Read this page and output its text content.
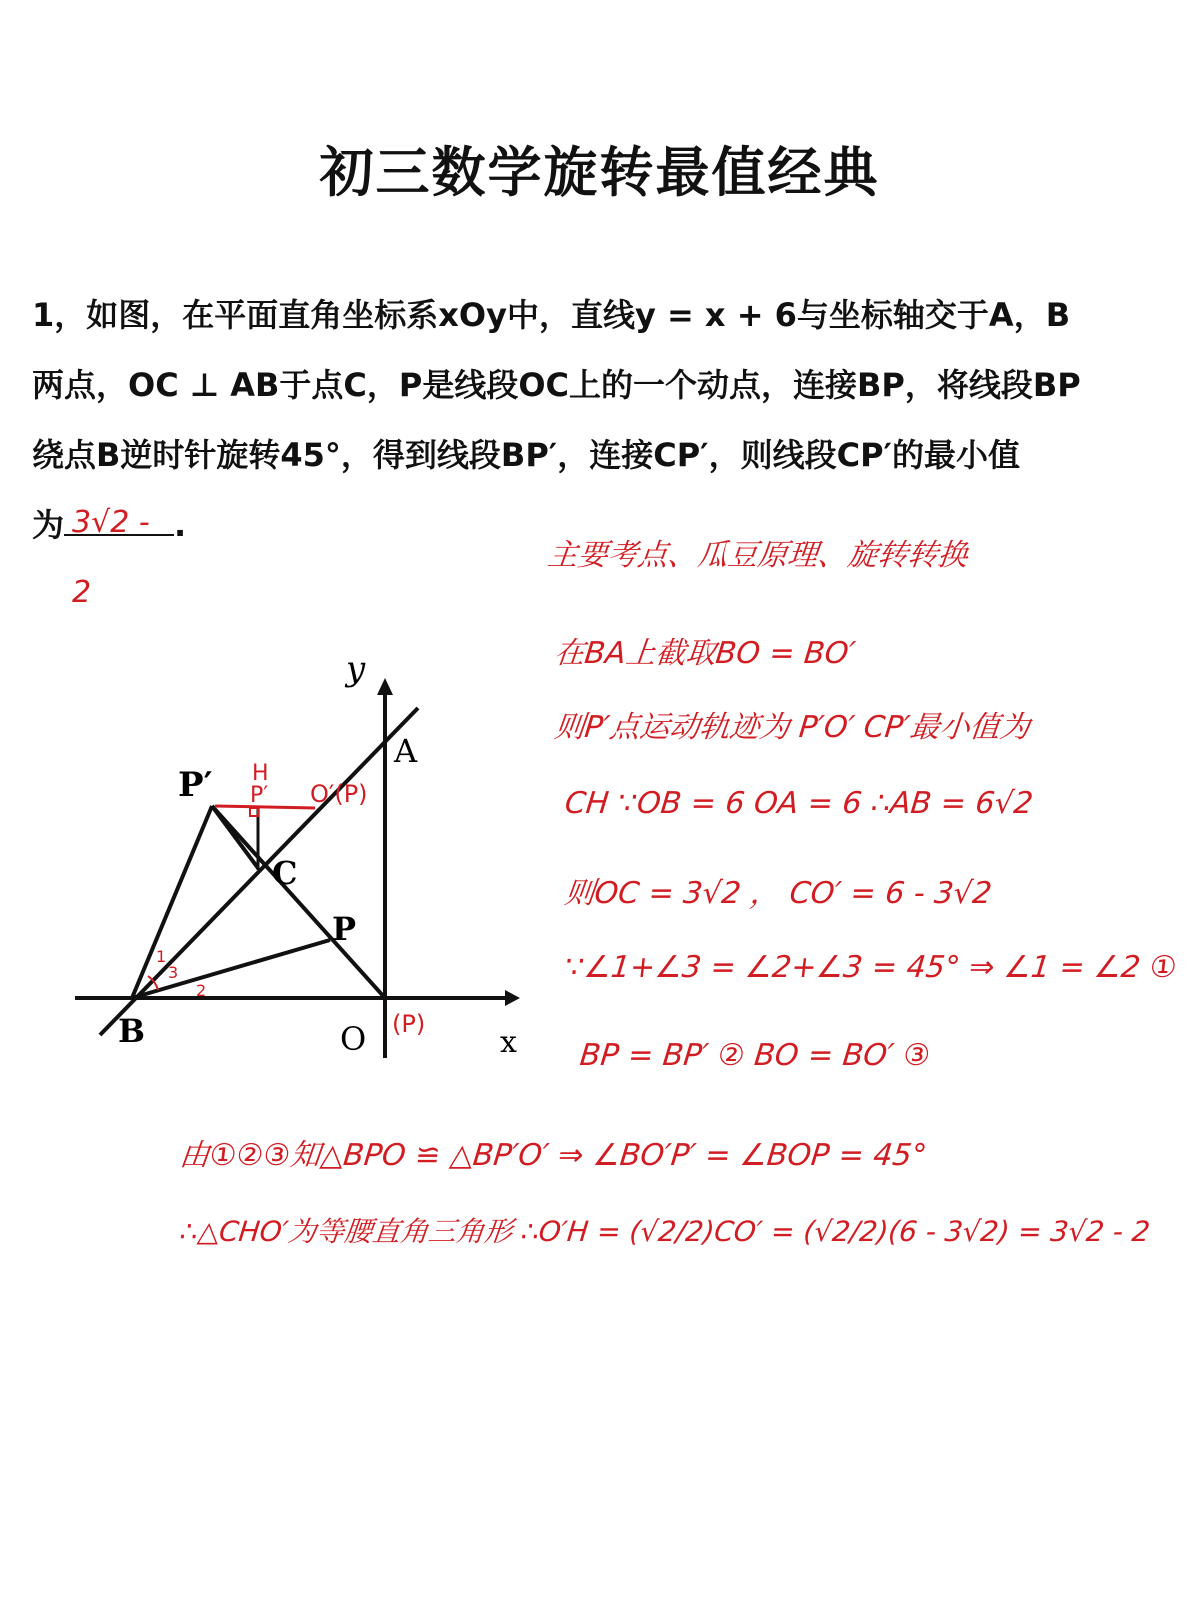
初三数学旋转最值经典
1，如图，在平面直角坐标系xOy中，直线y = x + 6与坐标轴交于A，B
两点，OC ⊥ AB于点C，P是线段OC上的一个动点，连接BP，将线段BP
绕点B逆时针旋转45°，得到线段BP′，连接CP′，则线段CP′的最小值
为 3√2 - 2
.
y
x
A
B
C
O
P
P′ H
P′ O′(P)
(P)
1
2
3
主要考点、瓜豆原理、旋转转换
在BA上截取BO = BO′
则P′点运动轨迹为 P′O′ CP′最小值为
CH ∵OB = 6 OA = 6 ∴AB = 6√2
则OC = 3√2 ， CO′ = 6 - 3√2
∵∠1+∠3 = ∠2+∠3 = 45° ⇒ ∠1 = ∠2 ①
BP = BP′ ② BO = BO′ ③
由①②③知△BPO ≌ △BP′O′ ⇒ ∠BO′P′ = ∠BOP = 45°
∴△CHO′为等腰直角三角形 ∴O′H = (√2/2)CO′ = (√2/2)(6 - 3√2) = 3√2 - 2
